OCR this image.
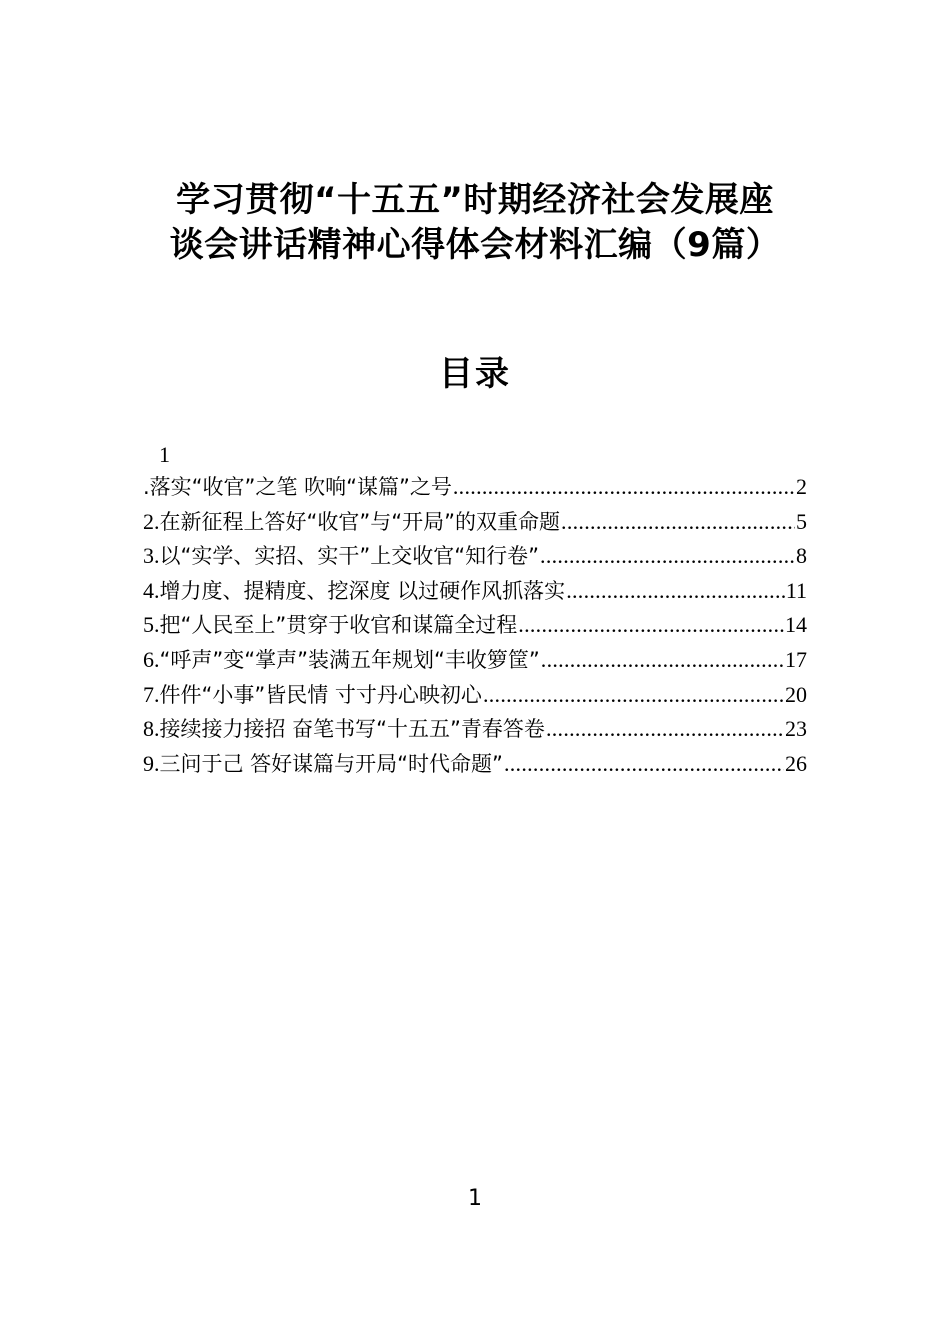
学习贯彻“十五五”时期经济社会发展座
谈会讲话精神心得体会材料汇编（9篇）
目录
1
.落实“收官”之笔 吹响“谋篇”之号 .....	2
2. 在新征程上答好“收官”与“开局”的双重命题 .....	5
3. 以“实学、实招、实干”上交收官“知行卷” .....	8
4. 增力度、提精度、挖深度 以过硬作风抓落实 .....	11
5. 把“人民至上”贯穿于收官和谋篇全过程 .....	14
6. “呼声”变“掌声”装满五年规划“丰收箩筐” .....	17
7. 件件“小事”皆民情 寸寸丹心映初心 .....	20
8. 接续接力接招 奋笔书写“十五五”青春答卷 .....	23
9. 三问于己 答好谋篇与开局“时代命题” .....	26
1
